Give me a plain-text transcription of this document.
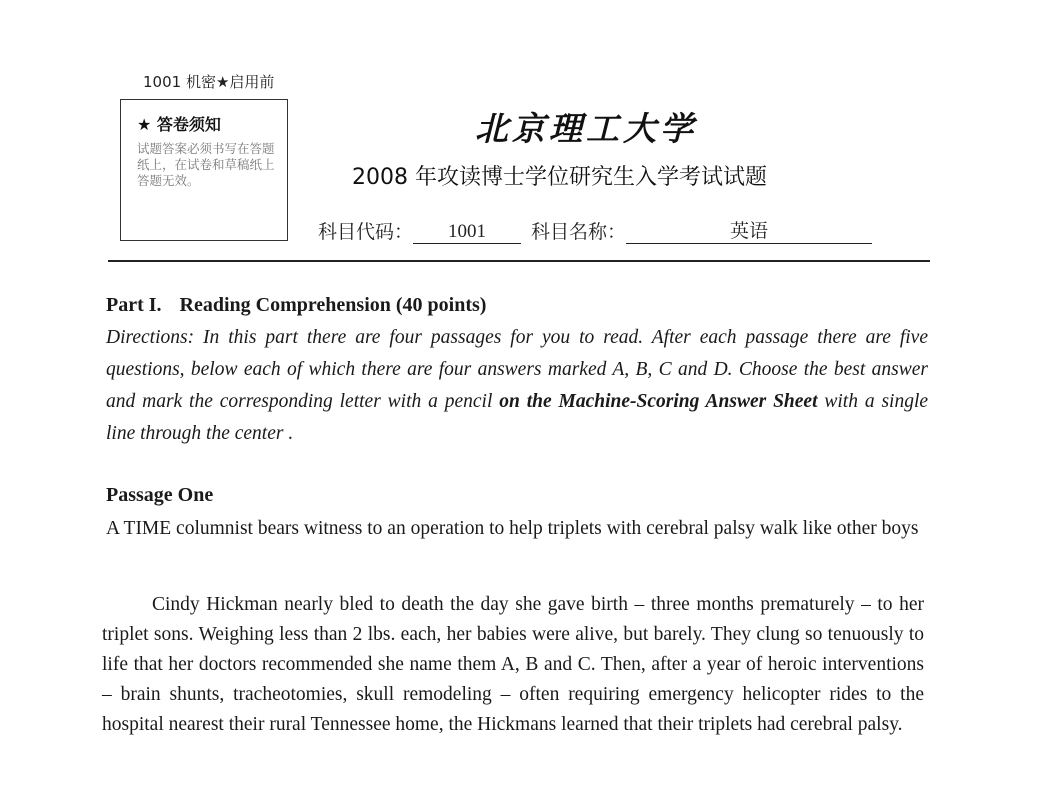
1001 机密★启用前
★ 答卷须知
试题答案必须书写在答题纸上，在试卷和草稿纸上答题无效。
北京理工大学
2008 年攻读博士学位研究生入学考试试题
科目代码：	1001	科目名称：	英语
Part I. Reading Comprehension (40 points)
Directions: In this part there are four passages for you to read. After each passage there are five questions, below each of which there are four answers marked A, B, C and D. Choose the best answer and mark the corresponding letter with a pencil on the Machine-Scoring Answer Sheet with a single line through the center .
Passage One
A TIME columnist bears witness to an operation to help triplets with cerebral palsy walk like other boys
Cindy Hickman nearly bled to death the day she gave birth – three months prematurely – to her triplet sons. Weighing less than 2 lbs. each, her babies were alive, but barely. They clung so tenuously to life that her doctors recommended she name them A, B and C. Then, after a year of heroic interventions – brain shunts, tracheotomies, skull remodeling – often requiring emergency helicopter rides to the hospital nearest their rural Tennessee home, the Hickmans learned that their triplets had cerebral palsy.
